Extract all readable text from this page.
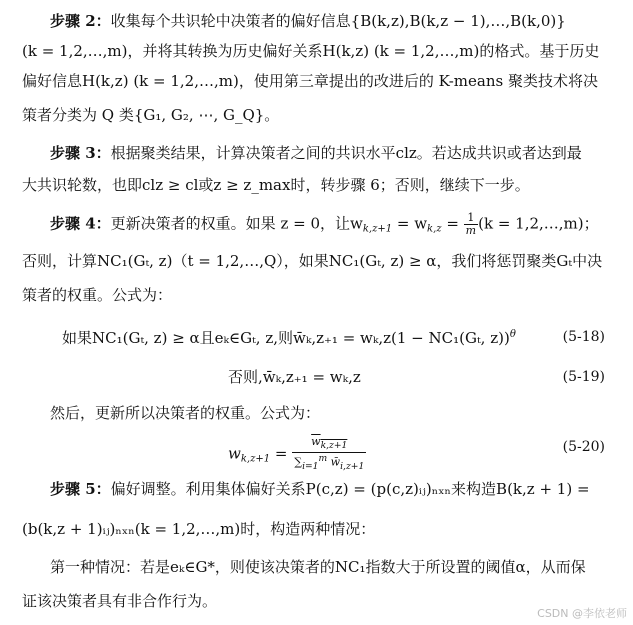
步骤 2：收集每个共识轮中决策者的偏好信息{B(k,z),B(k,z − 1),…,B(k,0)}
(k = 1,2,…,m)，并将其转换为历史偏好关系H(k,z) (k = 1,2,…,m)的格式。基于历史
偏好信息H(k,z) (k = 1,2,…,m)，使用第三章提出的改进后的 K-means 聚类技术将决
策者分类为 Q 类{G₁, G₂, ⋯, G_Q}。
步骤 3：根据聚类结果，计算决策者之间的共识水平clz。若达成共识或者达到最
大共识轮数，也即clz ≥ cl或z ≥ z_max时，转步骤 6；否则，继续下一步。
步骤 4：更新决策者的权重。如果 z = 0，让$w_{k,z+1} = w_{k,z} = \frac{1}{m} (k$ = 1,2,…,m)；
否则，计算NC₁(Gₜ, z)（t = 1,2,…,Q），如果NC₁(Gₜ, z) ≥ α，我们将惩罚聚类Gₜ中决
策者的权重。公式为：
如果NC₁(Gₜ, z) ≥ α且eₖ∈Gₜ, z,则w̄ₖ,z₊₁ = wₖ,z(1 − NC₁(Gₜ, z))$^\theta$	(5-18)
否则,w̄ₖ,z₊₁ = wₖ,z	(5-19)
然后，更新所以决策者的权重。公式为：
$w_{k,z+1} = \frac{w_{k,z+1}}{\sum_{i=1}^m w̄_{i,z+1}}$	(5-20)
步骤 5：偏好调整。利用集体偏好关系P(c,z) = (p(c,z)ᵢⱼ)ₙₓₙ来构造B(k,z + 1) =
(b(k,z + 1)ᵢⱼ)ₙₓₙ(k = 1,2,…,m)时，构造两种情况：
第一种情况：若是eₖ∈G*，则使该决策者的NC₁指数大于所设置的阈值α，从而保
证该决策者具有非合作行为。
CSDN @李依老师
